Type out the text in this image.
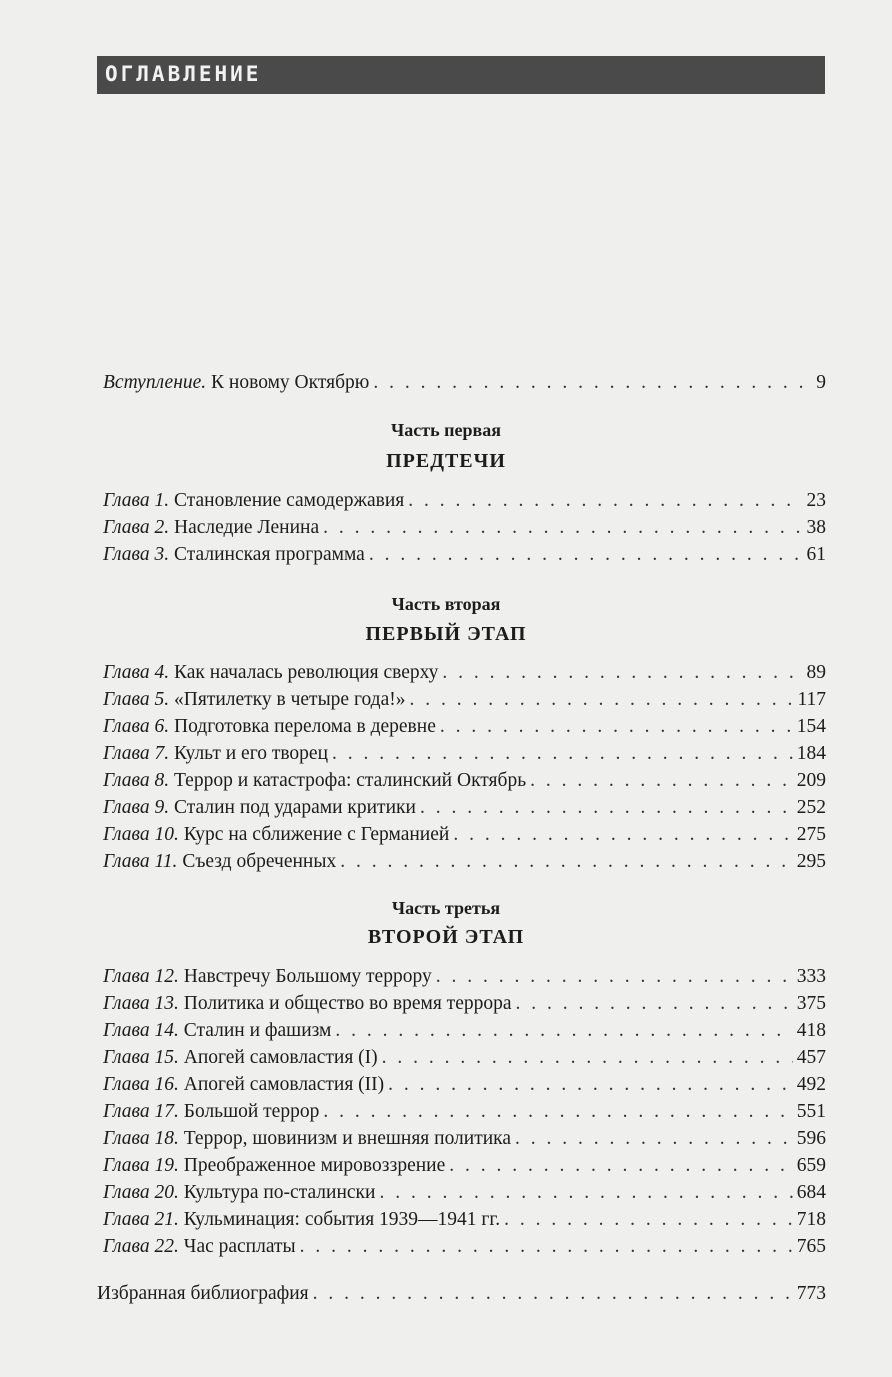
ОГЛАВЛЕНИЕ
Вступление. К новому Октябрю . . .	9
Часть первая
ПРЕДТЕЧИ
Глава 1. Становление самодержавия . . .	23
Глава 2. Наследие Ленина . . .	38
Глава 3. Сталинская программа . . .	61
Часть вторая
ПЕРВЫЙ ЭТАП
Глава 4. Как началась революция сверху . . .	89
Глава 5. «Пятилетку в четыре года!» . . .	117
Глава 6. Подготовка перелома в деревне . . .	154
Глава 7. Культ и его творец . . .	184
Глава 8. Террор и катастрофа: сталинский Октябрь . . .	209
Глава 9. Сталин под ударами критики . . .	252
Глава 10. Курс на сближение с Германией . . .	275
Глава 11. Съезд обреченных . . .	295
Часть третья
ВТОРОЙ ЭТАП
Глава 12. Навстречу Большому террору . . .	333
Глава 13. Политика и общество во время террора . . .	375
Глава 14. Сталин и фашизм . . .	418
Глава 15. Апогей самовластия (I) . . .	457
Глава 16. Апогей самовластия (II) . . .	492
Глава 17. Большой террор . . .	551
Глава 18. Террор, шовинизм и внешняя политика . . .	596
Глава 19. Преображенное мировоззрение . . .	659
Глава 20. Культура по-сталински . . .	684
Глава 21. Кульминация: события 1939—1941 гг. . . .	718
Глава 22. Час расплаты . . .	765
Избранная библиография . . .	773
